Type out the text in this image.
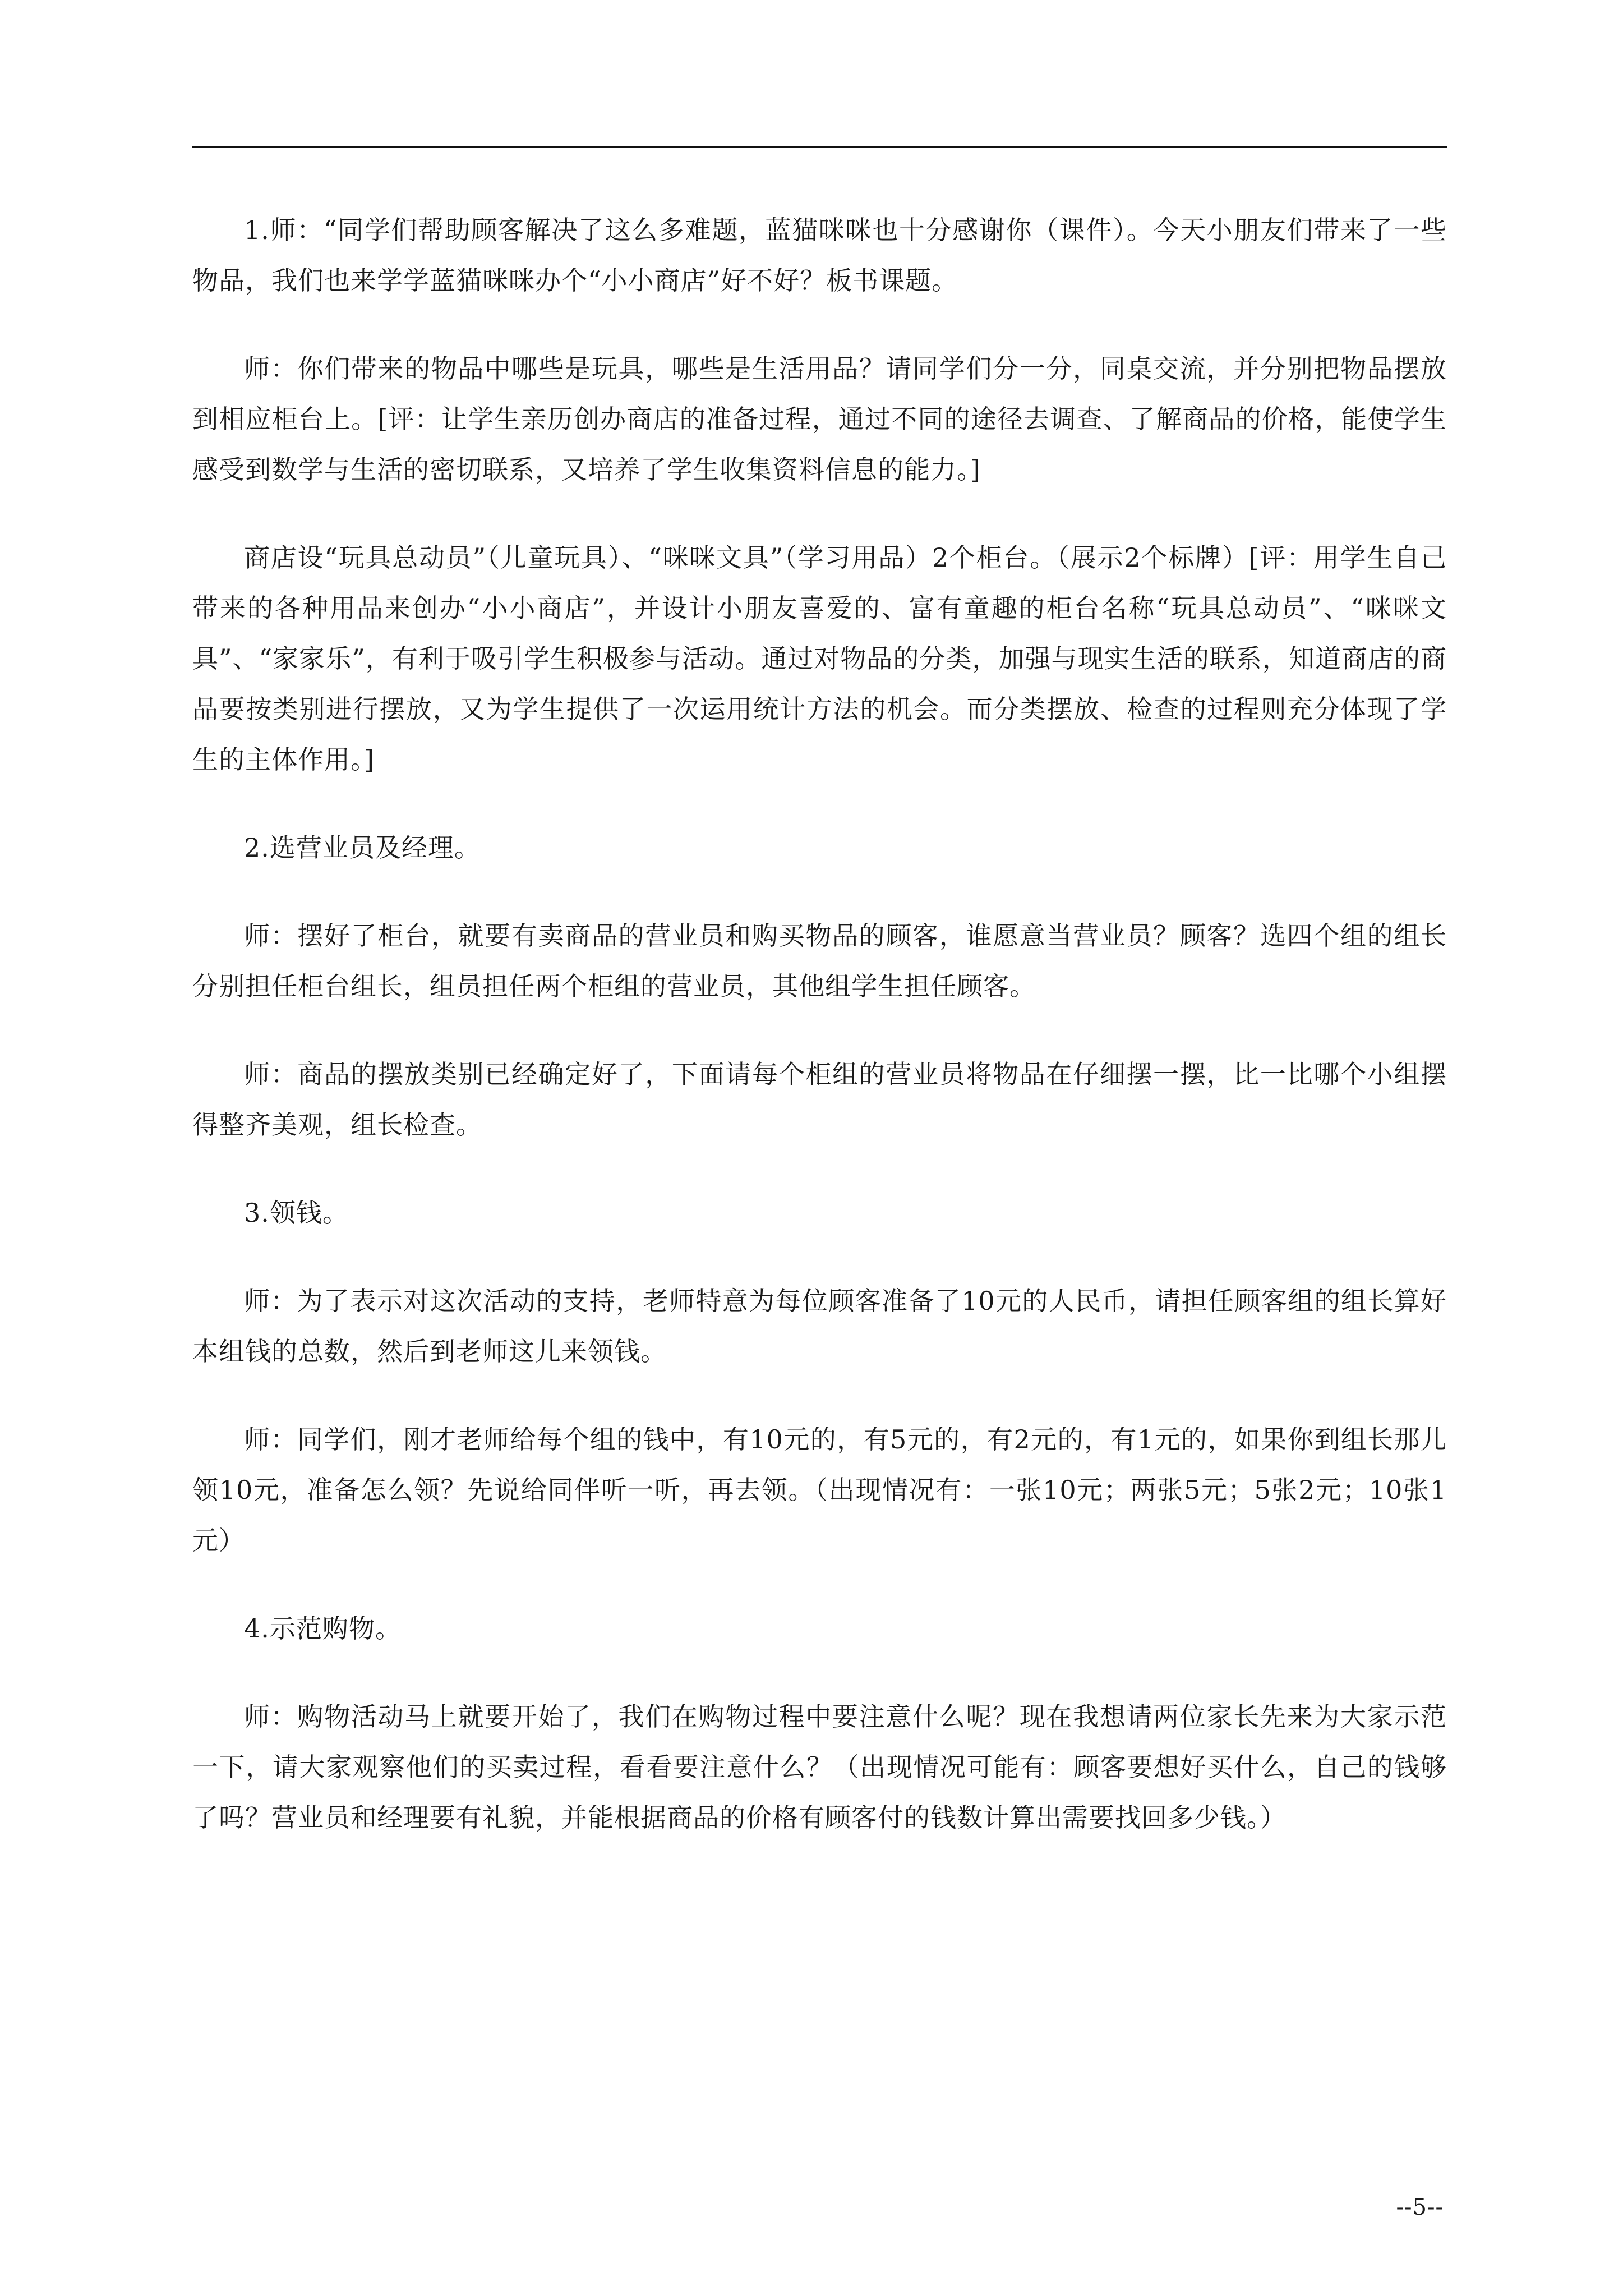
1.师：“同学们帮助顾客解决了这么多难题，蓝猫咪咪也十分感谢你（课件）。今天小朋友们带来了一些物品，我们也来学学蓝猫咪咪办个“小小商店”好不好？板书课题。

师：你们带来的物品中哪些是玩具，哪些是生活用品？请同学们分一分，同桌交流，并分别把物品摆放到相应柜台上。[评：让学生亲历创办商店的准备过程，通过不同的途径去调查、了解商品的价格，能使学生感受到数学与生活的密切联系，又培养了学生收集资料信息的能力。]

商店设“玩具总动员”（儿童玩具）、“咪咪文具”（学习用品）2个柜台。（展示2个标牌）[评：用学生自己带来的各种用品来创办“小小商店”，并设计小朋友喜爱的、富有童趣的柜台名称“玩具总动员”、“咪咪文具”、“家家乐”，有利于吸引学生积极参与活动。通过对物品的分类，加强与现实生活的联系，知道商店的商品要按类别进行摆放，又为学生提供了一次运用统计方法的机会。而分类摆放、检查的过程则充分体现了学生的主体作用。]

2.选营业员及经理。

师：摆好了柜台，就要有卖商品的营业员和购买物品的顾客，谁愿意当营业员？顾客？选四个组的组长分别担任柜台组长，组员担任两个柜组的营业员，其他组学生担任顾客。

师：商品的摆放类别已经确定好了，下面请每个柜组的营业员将物品在仔细摆一摆，比一比哪个小组摆得整齐美观，组长检查。

3.领钱。

师：为了表示对这次活动的支持，老师特意为每位顾客准备了10元的人民币，请担任顾客组的组长算好本组钱的总数，然后到老师这儿来领钱。

师：同学们，刚才老师给每个组的钱中，有10元的，有5元的，有2元的，有1元的，如果你到组长那儿领10元，准备怎么领？先说给同伴听一听，再去领。（出现情况有：一张10元；两张5元；5张2元；10张1元）

4.示范购物。

师：购物活动马上就要开始了，我们在购物过程中要注意什么呢？现在我想请两位家长先来为大家示范一下，请大家观察他们的买卖过程，看看要注意什么？（出现情况可能有：顾客要想好买什么，自己的钱够了吗？营业员和经理要有礼貌，并能根据商品的价格有顾客付的钱数计算出需要找回多少钱。）

--5--
